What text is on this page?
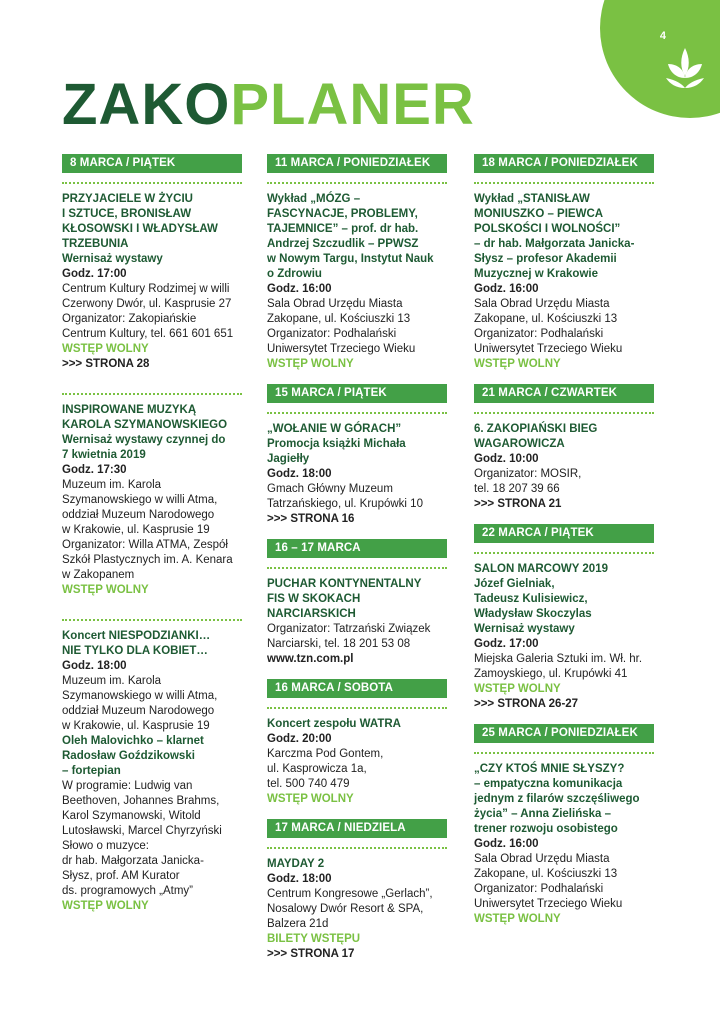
4
ZAKOPLANER
8 MARCA / PIĄTEK
PRZYJACIELE W ŻYCIU
I SZTUCE, BRONISŁAW
KŁOSOWSKI I WŁADYSŁAW
TRZEBUNIA
Wernisaż wystawy
Godz. 17:00
Centrum Kultury Rodzimej w willi
Czerwony Dwór, ul. Kasprusie 27
Organizator: Zakopiańskie
Centrum Kultury, tel. 661 601 651
WSTĘP WOLNY
>>> STRONA 28
INSPIROWANE MUZYKĄ
KAROLA SZYMANOWSKIEGO
Wernisaż wystawy czynnej do
7 kwietnia 2019
Godz. 17:30
Muzeum im. Karola
Szymanowskiego w willi Atma,
oddział Muzeum Narodowego
w Krakowie, ul. Kasprusie 19
Organizator: Willa ATMA, Zespół
Szkół Plastycznych im. A. Kenara
w Zakopanem
WSTĘP WOLNY
Koncert NIESPODZIANKI…
NIE TYLKO DLA KOBIET…
Godz. 18:00
Muzeum im. Karola
Szymanowskiego w willi Atma,
oddział Muzeum Narodowego
w Krakowie, ul. Kasprusie 19
Oleh Malovichko – klarnet
Radosław Goździkowski
– fortepian
W programie: Ludwig van
Beethoven, Johannes Brahms,
Karol Szymanowski, Witold
Lutosławski, Marcel Chyrzyński
Słowo o muzyce:
dr hab. Małgorzata Janicka-
Słysz, prof. AM Kurator
ds. programowych „Atmy”
WSTĘP WOLNY
11 MARCA / PONIEDZIAŁEK
Wykład „MÓZG –
FASCYNACJE, PROBLEMY,
TAJEMNICE” – prof. dr hab.
Andrzej Szczudlik – PPWSZ
w Nowym Targu, Instytut Nauk
o Zdrowiu
Godz. 16:00
Sala Obrad Urzędu Miasta
Zakopane, ul. Kościuszki 13
Organizator: Podhalański
Uniwersytet Trzeciego Wieku
WSTĘP WOLNY
15 MARCA / PIĄTEK
„WOŁANIE W GÓRACH”
Promocja książki Michała
Jagiełły
Godz. 18:00
Gmach Główny Muzeum
Tatrzańskiego, ul. Krupówki 10
>>> STRONA 16
16 – 17 MARCA
PUCHAR KONTYNENTALNY
FIS W SKOKACH
NARCIARSKICH
Organizator: Tatrzański Związek
Narciarski, tel. 18 201 53 08
www.tzn.com.pl
16 MARCA / SOBOTA
Koncert zespołu WATRA
Godz. 20:00
Karczma Pod Gontem,
ul. Kasprowicza 1a,
tel. 500 740 479
WSTĘP WOLNY
17 MARCA / NIEDZIELA
MAYDAY 2
Godz. 18:00
Centrum Kongresowe „Gerlach”,
Nosalowy Dwór Resort & SPA,
Balzera 21d
BILETY WSTĘPU
>>> STRONA 17
18 MARCA / PONIEDZIAŁEK
Wykład „STANISŁAW
MONIUSZKO – PIEWCA
POLSKOŚCI I WOLNOŚCI”
– dr hab. Małgorzata Janicka-
Słysz – profesor Akademii
Muzycznej w Krakowie
Godz. 16:00
Sala Obrad Urzędu Miasta
Zakopane, ul. Kościuszki 13
Organizator: Podhalański
Uniwersytet Trzeciego Wieku
WSTĘP WOLNY
21 MARCA / CZWARTEK
6. ZAKOPIAŃSKI BIEG
WAGAROWICZA
Godz. 10:00
Organizator: MOSIR,
tel. 18 207 39 66
>>> STRONA 21
22 MARCA / PIĄTEK
SALON MARCOWY 2019
Józef Gielniak,
Tadeusz Kulisiewicz,
Władysław Skoczylas
Wernisaż wystawy
Godz. 17:00
Miejska Galeria Sztuki im. Wł. hr.
Zamoyskiego, ul. Krupówki 41
WSTĘP WOLNY
>>> STRONA 26-27
25 MARCA / PONIEDZIAŁEK
„CZY KTOŚ MNIE SŁYSZY?
– empatyczna komunikacja
jednym z filarów szczęśliwego
życia” – Anna Zielińska –
trener rozwoju osobistego
Godz. 16:00
Sala Obrad Urzędu Miasta
Zakopane, ul. Kościuszki 13
Organizator: Podhalański
Uniwersytet Trzeciego Wieku
WSTĘP WOLNY
